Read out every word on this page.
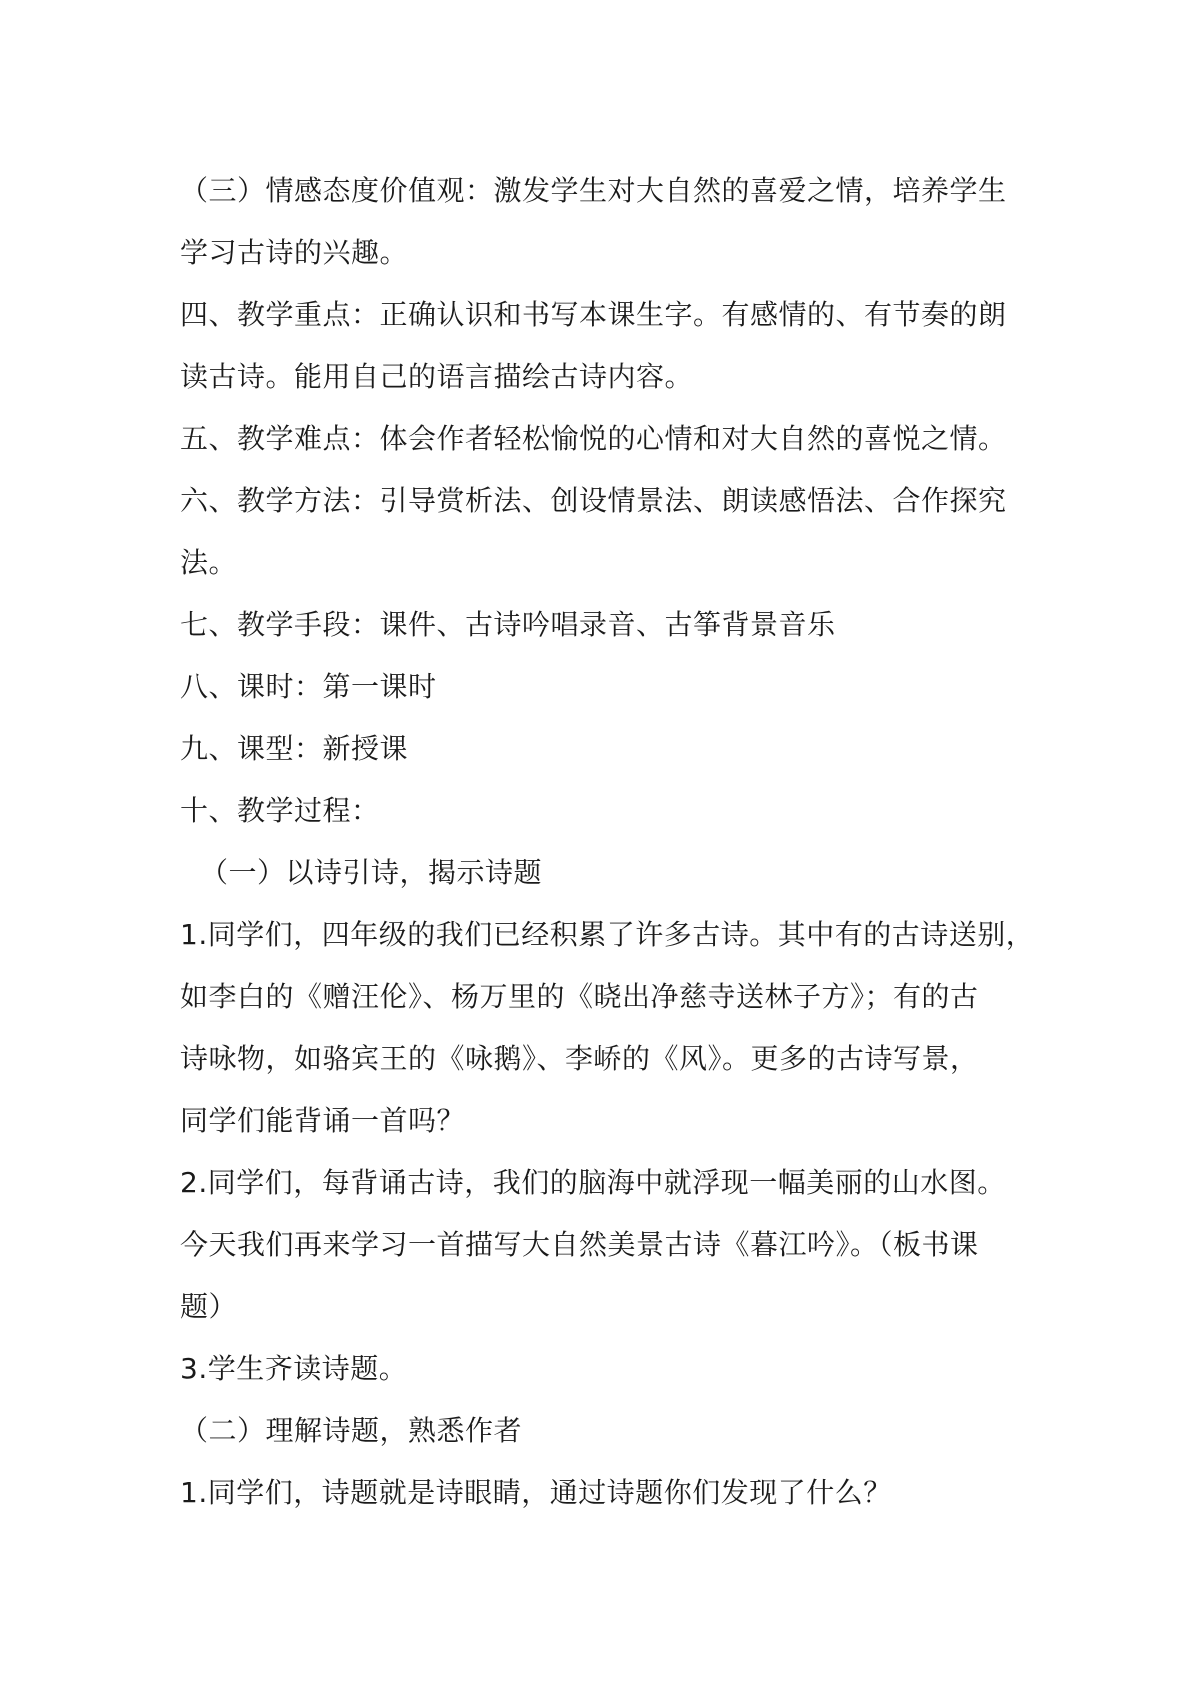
（三）情感态度价值观：激发学生对大自然的喜爱之情，培养学生
学习古诗的兴趣。
四、教学重点：正确认识和书写本课生字。有感情的、有节奏的朗
读古诗。能用自己的语言描绘古诗内容。
五、教学难点：体会作者轻松愉悦的心情和对大自然的喜悦之情。
六、教学方法：引导赏析法、创设情景法、朗读感悟法、合作探究
法。
七、教学手段：课件、古诗吟唱录音、古筝背景音乐
八、课时：第一课时
九、课型：新授课
十、教学过程：
（一）以诗引诗，揭示诗题
1.同学们，四年级的我们已经积累了许多古诗。其中有的古诗送别，
如李白的《赠汪伦》、杨万里的《晓出净慈寺送林子方》；有的古
诗咏物，如骆宾王的《咏鹅》、李峤的《风》。更多的古诗写景，
同学们能背诵一首吗？
2.同学们，每背诵古诗，我们的脑海中就浮现一幅美丽的山水图。
今天我们再来学习一首描写大自然美景古诗《暮江吟》。（板书课
题）
3.学生齐读诗题。
（二）理解诗题，熟悉作者
1.同学们，诗题就是诗眼睛，通过诗题你们发现了什么？
